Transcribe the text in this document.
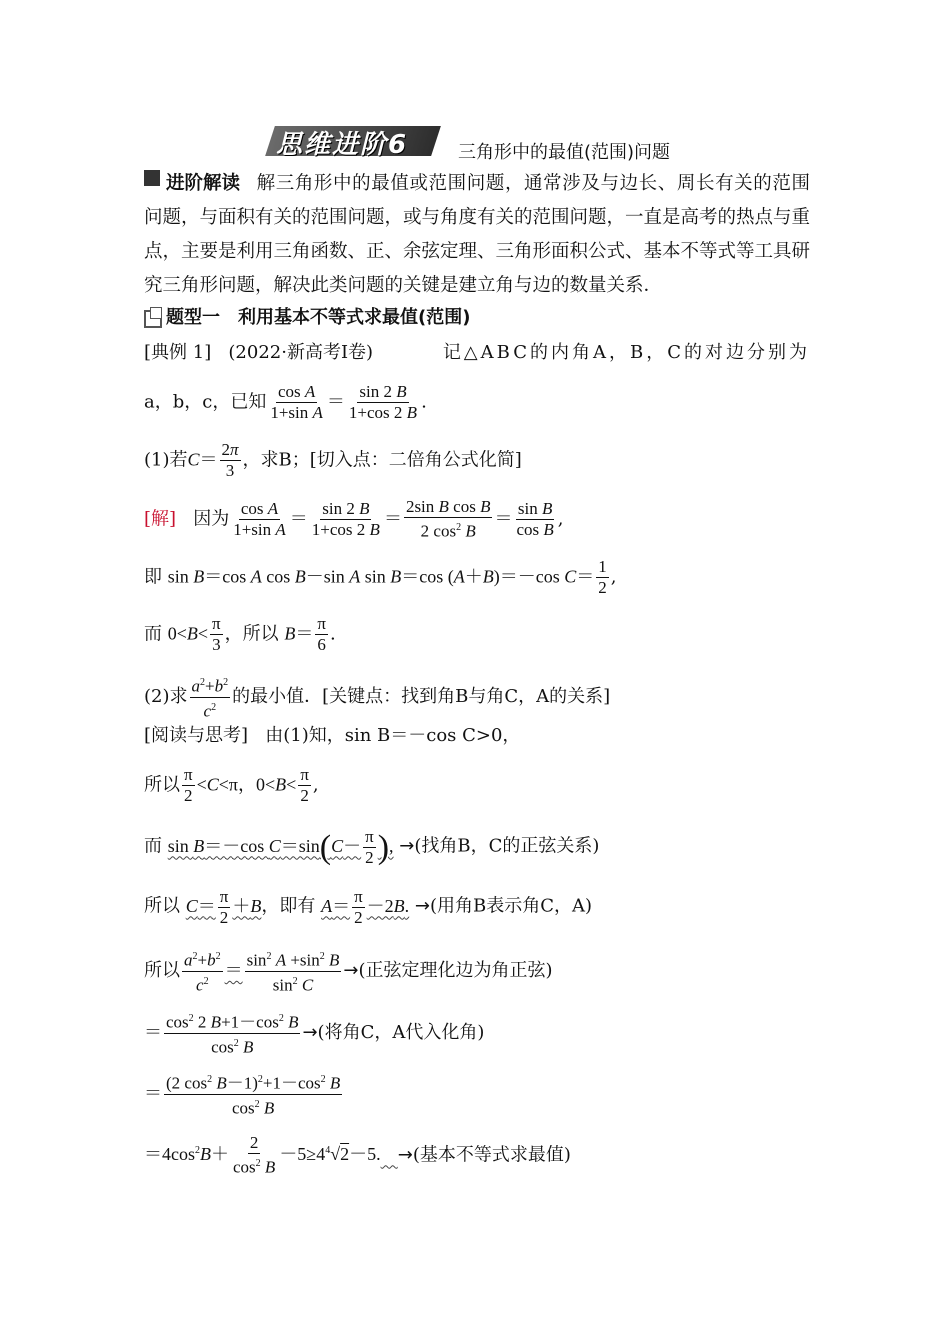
思维进阶6	三角形中的最值(范围)问题
进阶解读 解三角形中的最值或范围问题，通常涉及与边长、周长有关的范围问题，与面积有关的范围问题，或与角度有关的范围问题，一直是高考的热点与重点，主要是利用三角函数、正、余弦定理、三角形面积公式、基本不等式等工具研究三角形问题，解决此类问题的关键是建立角与边的数量关系．
题型一　利用基本不等式求最值(范围)
[典例 1] (2022·新高考Ⅰ卷)	记△ABC的内角A，B，C的对边分别为
a，b，c，已知 $\frac{\text{cos A}}{\text{1+sin A}} = \frac{\sin 2 B}{1+\cos 2 B}$ .
(1)若$C= \frac{2\pi}{3}$ ，求B；[切入点：二倍角公式化简]
[解] 因为 $\frac{\text{cos A}}{\text{1+sin A}} = \frac{\sin 2 B}{1+\cos 2 B} = \frac{\text{2sin B cos B}}{2 \cos^2 B} = \frac{\text{sin B}}{\text{cos B}}$ ,
即 sin B＝cos A cos B－sin A sin B＝cos (A＋B)＝－cos $C= \frac{1}{2}$ ,
而 $0<B< \frac{\pi}{3}$ ，所以 $B= \frac{\pi}{6}$ .
(2)求 $\frac{a^2+b^2}{c^2}$ 的最小值．[关键点：找到角B与角C，A的关系]
[阅读与思考] 由(1)知，sin B＝－cos C>0，
所以 $\frac{\pi}{2} <C<\pi$，$0<B< \frac{\pi}{2}$ ,
而 sin B＝－cos $C=\sin(C- \frac{\pi}{2}$ ), →(找角B，C的正弦关系)
所以 $C= \frac{\pi}{2} +B$，即有 $A= \frac{\pi}{2} -2B$. →(用角B表示角C，A)
所以 $\frac{a^2+b^2}{c^2} = \frac{\sin^2 A +\sin^2 B}{\sin^2 C}$ →(正弦定理化边为角正弦)
＝ $\frac{\cos^2 2 B+1-\cos^2 B}{\cos^2 B}$ →(将角C，A代入化角)
＝ $\frac{(2 \cos^2 B-1)^2+1-\cos^2 B}{\cos^2 B}$
$=4\cos^2B+ \frac{2}{\cos^2 B} -5\ge 4^4√2-5$. →(基本不等式求最值)
